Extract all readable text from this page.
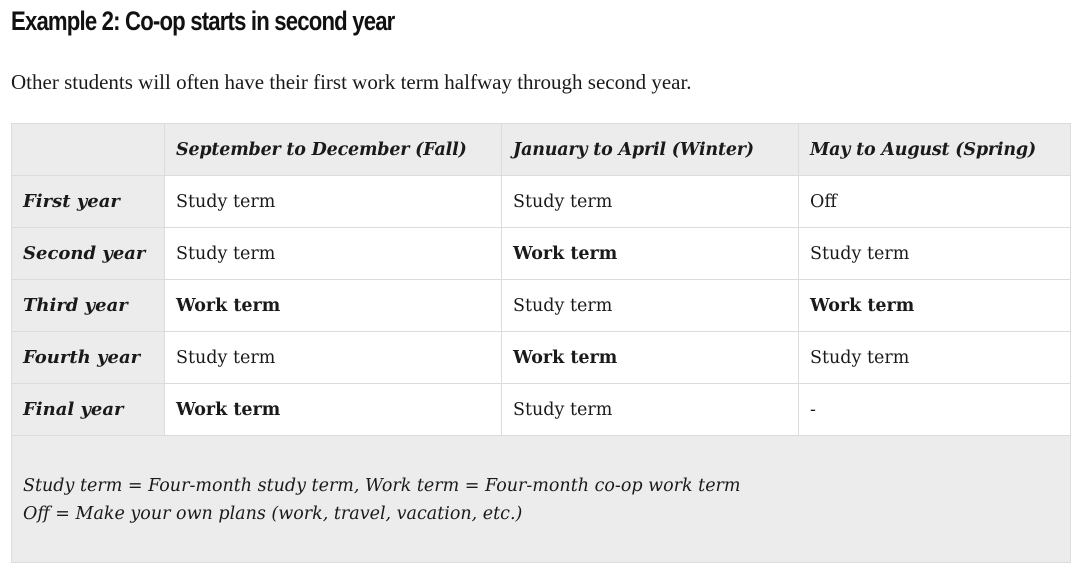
Example 2: Co-op starts in second year

Other students will often have their first work term halfway through second year.

	September to December (Fall)	January to April (Winter)	May to August (Spring)
First year	Study term	Study term	Off
Second year	Study term	Work term	Study term
Third year	Work term	Study term	Work term
Fourth year	Study term	Work term	Study term
Final year	Work term	Study term	-

Study term = Four-month study term, Work term = Four-month co-op work term
Off = Make your own plans (work, travel, vacation, etc.)			
